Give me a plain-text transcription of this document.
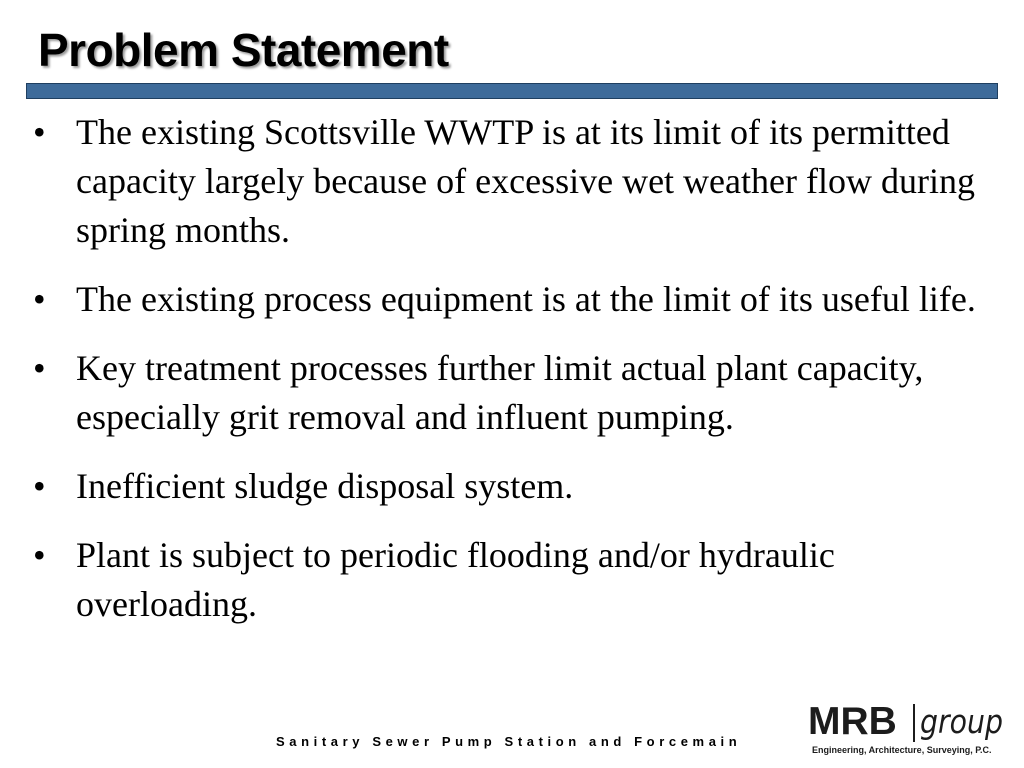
Problem Statement
• The existing Scottsville WWTP is at its limit of its permitted capacity largely because of excessive wet weather flow during spring months.
• The existing process equipment is at the limit of its useful life.
• Key treatment processes further limit actual plant capacity, especially grit removal and influent pumping.
• Inefficient sludge disposal system.
• Plant is subject to periodic flooding and/or hydraulic overloading.
Sanitary Sewer Pump Station and Forcemain MRB group
Engineering, Architecture, Surveying, P.C.
